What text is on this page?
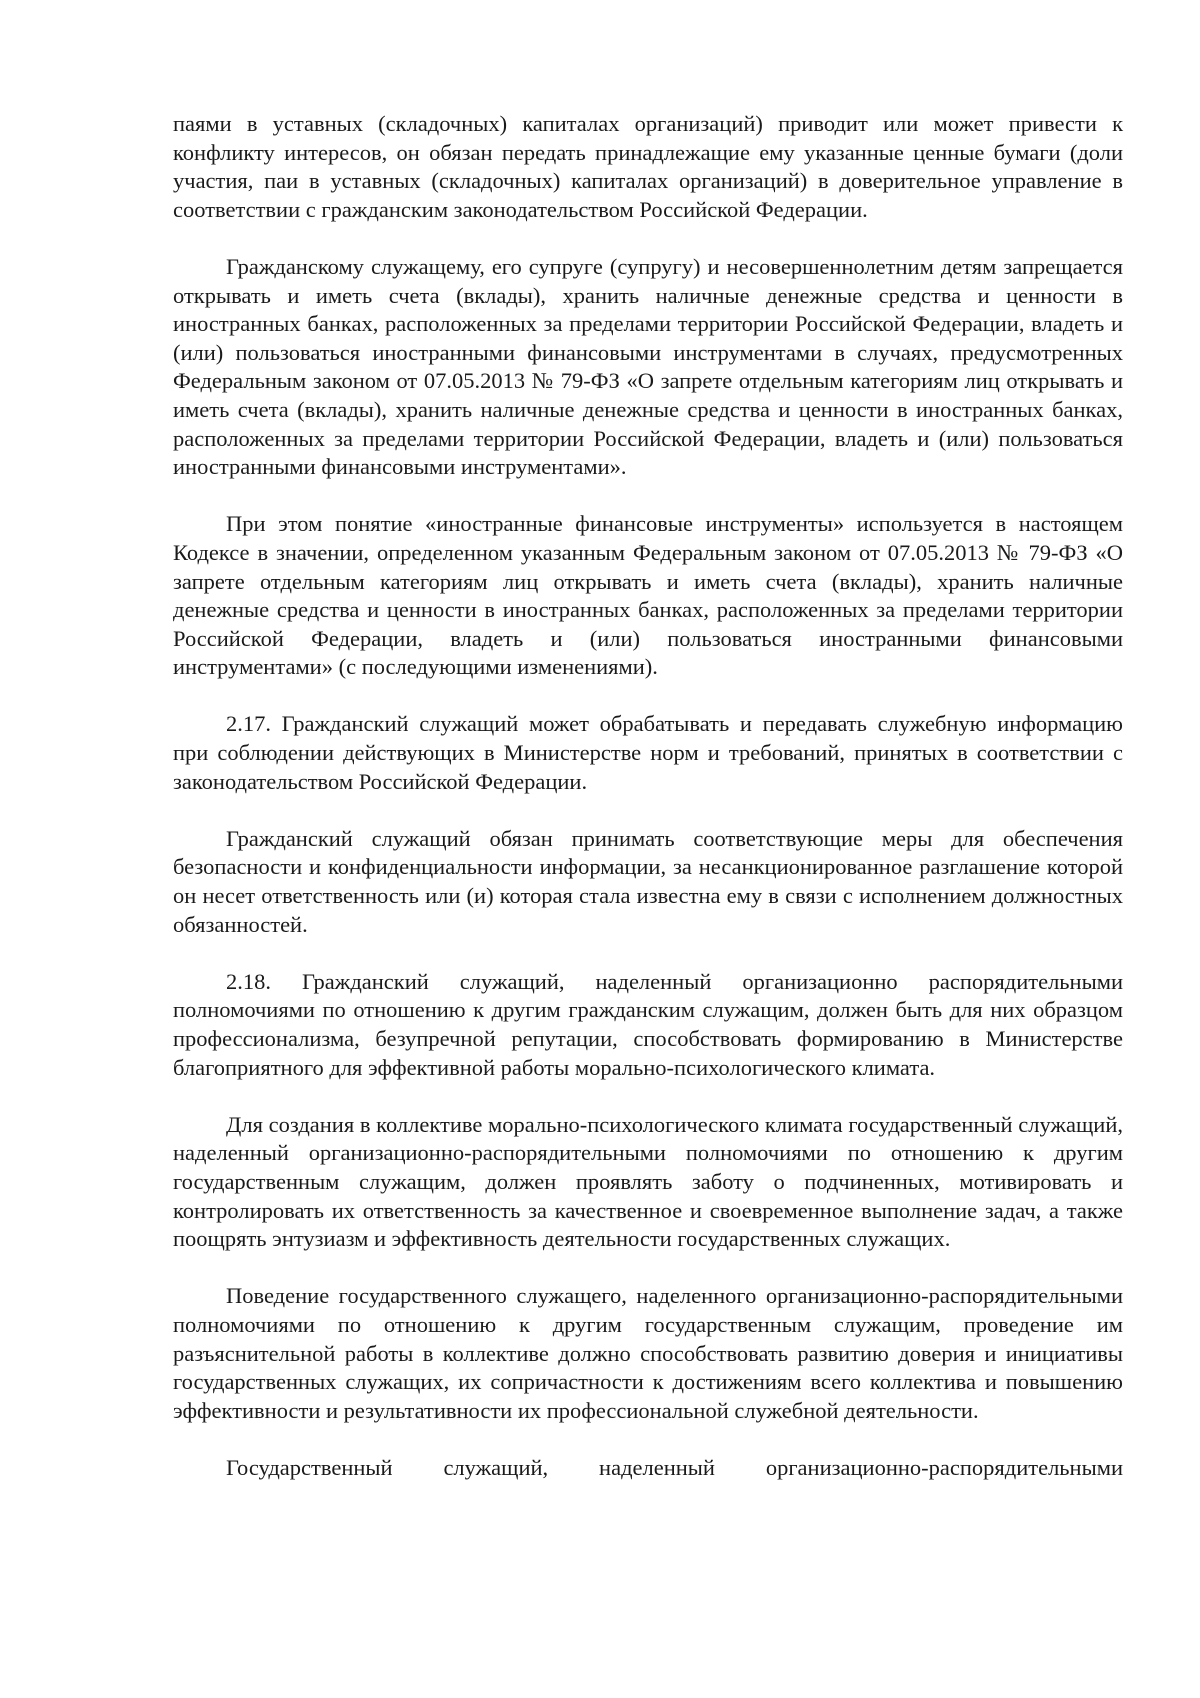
паями в уставных (складочных) капиталах организаций) приводит или может привести к конфликту интересов, он обязан передать принадлежащие ему указанные ценные бумаги (доли участия, паи в уставных (складочных) капиталах организаций) в доверительное управление в соответствии с гражданским законодательством Российской Федерации.

Гражданскому служащему, его супруге (супругу) и несовершеннолетним детям запрещается открывать и иметь счета (вклады), хранить наличные денежные средства и ценности в иностранных банках, расположенных за пределами территории Российской Федерации, владеть и (или) пользоваться иностранными финансовыми инструментами в случаях, предусмотренных Федеральным законом от 07.05.2013 № 79-ФЗ «О запрете отдельным категориям лиц открывать и иметь счета (вклады), хранить наличные денежные средства и ценности в иностранных банках, расположенных за пределами территории Российской Федерации, владеть и (или) пользоваться иностранными финансовыми инструментами».

При этом понятие «иностранные финансовые инструменты» используется в настоящем Кодексе в значении, определенном указанным Федеральным законом от 07.05.2013 № 79-ФЗ «О запрете отдельным категориям лиц открывать и иметь счета (вклады), хранить наличные денежные средства и ценности в иностранных банках, расположенных за пределами территории Российской Федерации, владеть и (или) пользоваться иностранными финансовыми инструментами» (с последующими изменениями).

2.17. Гражданский служащий может обрабатывать и передавать служебную информацию при соблюдении действующих в Министерстве норм и требований, принятых в соответствии с законодательством Российской Федерации.

Гражданский служащий обязан принимать соответствующие меры для обеспечения безопасности и конфиденциальности информации, за несанкционированное разглашение которой он несет ответственность или (и) которая стала известна ему в связи с исполнением должностных обязанностей.

2.18. Гражданский служащий, наделенный организационно распорядительными полномочиями по отношению к другим гражданским служащим, должен быть для них образцом профессионализма, безупречной репутации, способствовать формированию в Министерстве благоприятного для эффективной работы морально-психологического климата.

Для создания в коллективе морально-психологического климата государственный служащий, наделенный организационно-распорядительными полномочиями по отношению к другим государственным служащим, должен проявлять заботу о подчиненных, мотивировать и контролировать их ответственность за качественное и своевременное выполнение задач, а также поощрять энтузиазм и эффективность деятельности государственных служащих.

Поведение государственного служащего, наделенного организационно-распорядительными полномочиями по отношению к другим государственным служащим, проведение им разъяснительной работы в коллективе должно способствовать развитию доверия и инициативы государственных служащих, их сопричастности к достижениям всего коллектива и повышению эффективности и результативности их профессиональной служебной деятельности.

Государственный служащий, наделенный организационно-распорядительными
